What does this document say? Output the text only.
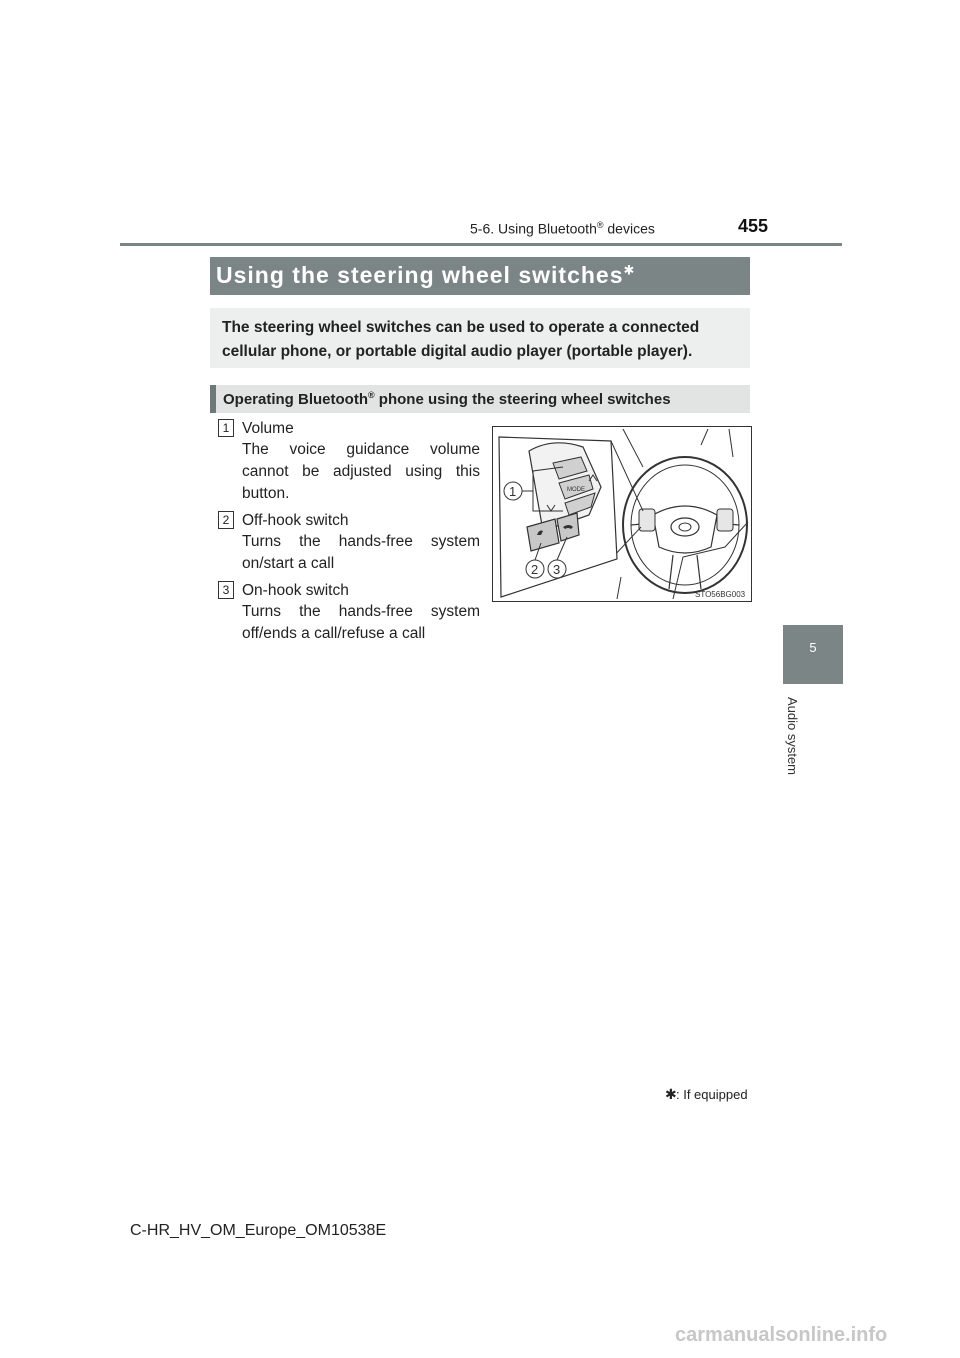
5-6. Using Bluetooth® devices	455
5
Audio system
Using the steering wheel switches✱
The steering wheel switches can be used to operate a connected cellular phone, or portable digital audio player (portable player).
Operating Bluetooth® phone using the steering wheel switches
1 Volume
The voice guidance volume cannot be adjusted using this button.
2 Off-hook switch
Turns the hands-free system on/start a call
3 On-hook switch
Turns the hands-free system off/ends a call/refuse a call
MODE
1
2 3
STO56BG003
✱ : If equipped
C-HR_HV_OM_Europe_OM10538E
carmanualsonline.info
